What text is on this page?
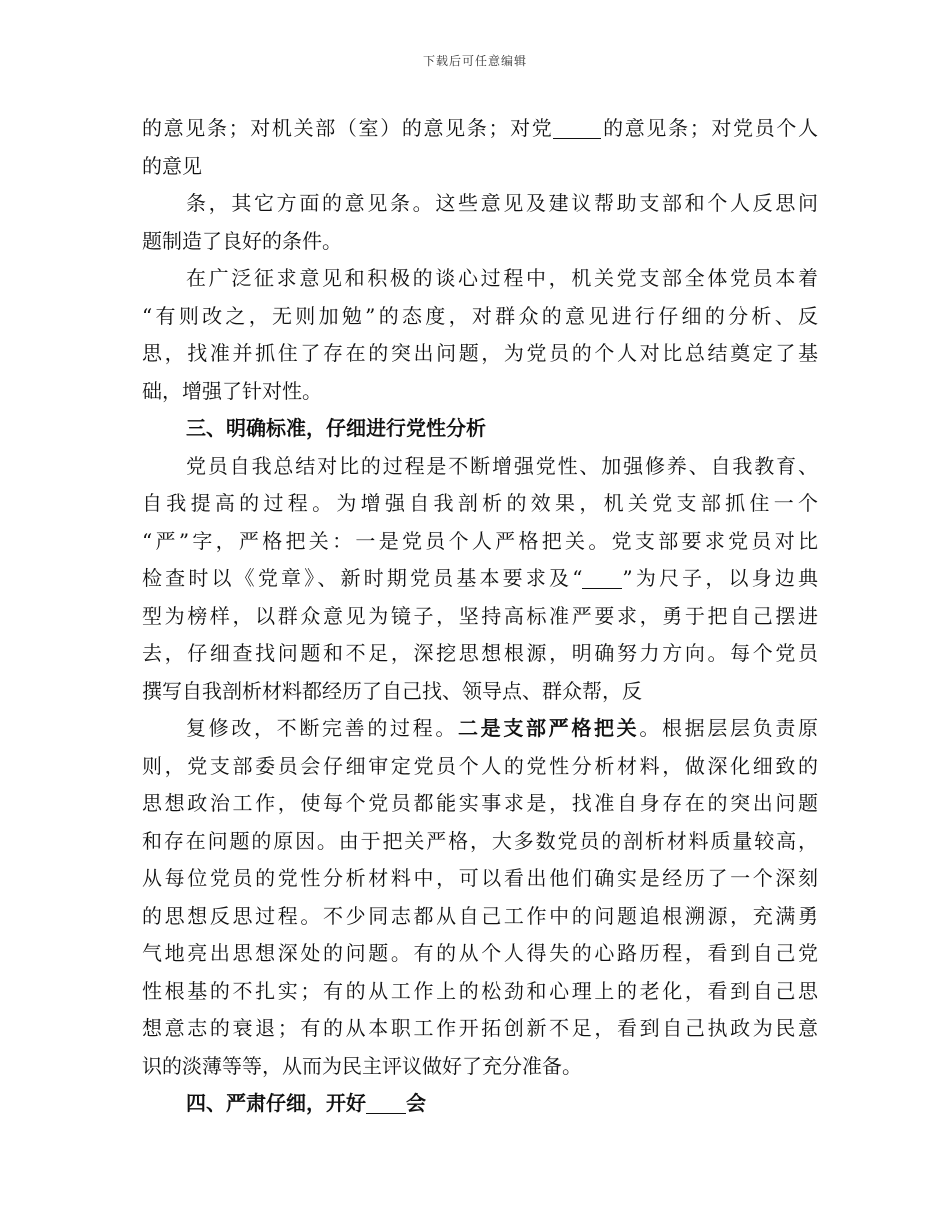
下载后可任意编辑
的意见条；对机关部（室）的意见条；对党 的意见条；对党员个人
的意见
条，其它方面的意见条。这些意见及建议帮助支部和个人反思问
题制造了良好的条件。
在广泛征求意见和积极的谈心过程中，机关党支部全体党员本着
“有则改之，无则加勉”的态度，对群众的意见进行仔细的分析、反
思，找准并抓住了存在的突出问题，为党员的个人对比总结奠定了基
础，增强了针对性。
三、明确标准，仔细进行党性分析
党员自我总结对比的过程是不断增强党性、加强修养、自我教育、
自我提高的过程。为增强自我剖析的效果，机关党支部抓住一个
“严”字，严格把关：一是党员个人严格把关。党支部要求党员对比
检查时以《党章》、新时期党员基本要求及“ ”为尺子，以身边典
型为榜样，以群众意见为镜子，坚持高标准严要求，勇于把自己摆进
去，仔细查找问题和不足，深挖思想根源，明确努力方向。每个党员
撰写自我剖析材料都经历了自己找、领导点、群众帮，反
复修改，不断完善的过程。二是支部严格把关。根据层层负责原
则，党支部委员会仔细审定党员个人的党性分析材料，做深化细致的
思想政治工作，使每个党员都能实事求是，找准自身存在的突出问题
和存在问题的原因。由于把关严格，大多数党员的剖析材料质量较高，
从每位党员的党性分析材料中，可以看出他们确实是经历了一个深刻
的思想反思过程。不少同志都从自己工作中的问题追根溯源，充满勇
气地亮出思想深处的问题。有的从个人得失的心路历程，看到自己党
性根基的不扎实；有的从工作上的松劲和心理上的老化，看到自己思
想意志的衰退；有的从本职工作开拓创新不足，看到自己执政为民意
识的淡薄等等，从而为民主评议做好了充分准备。
四、严肃仔细，开好 会
